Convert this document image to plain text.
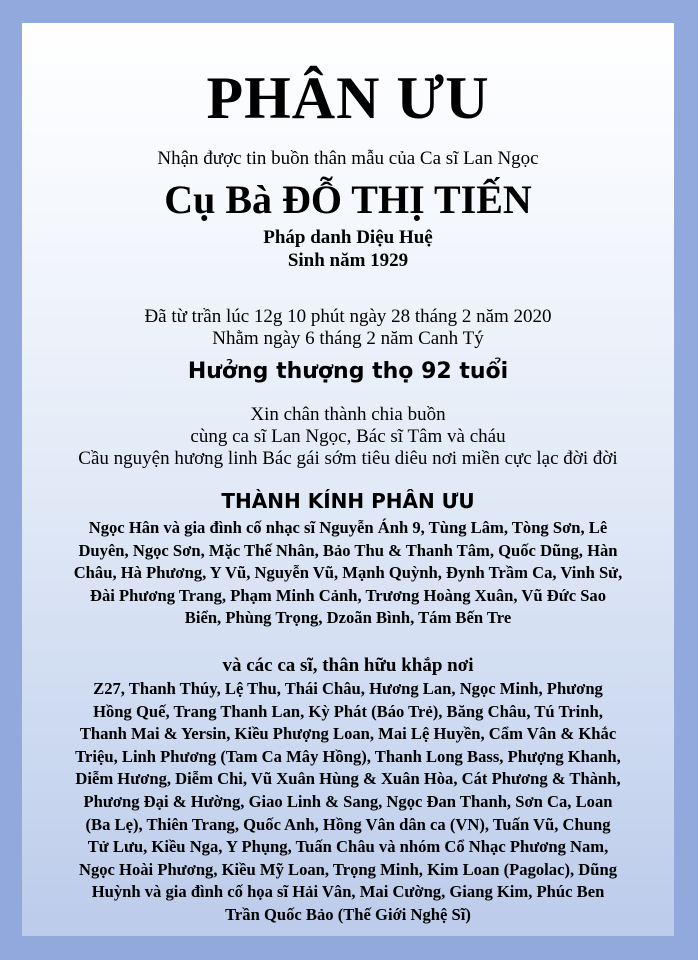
PHÂN ƯU
Nhận được tin buồn thân mẫu của Ca sĩ Lan Ngọc
Cụ Bà ĐỖ THỊ TIẾN
Pháp danh Diệu Huệ
Sinh năm 1929
Đã từ trần lúc 12g 10 phút ngày 28 tháng 2 năm 2020
Nhằm ngày 6 tháng 2 năm Canh Tý
Hưởng thượng thọ 92 tuổi
Xin chân thành chia buồn
cùng ca sĩ Lan Ngọc, Bác sĩ Tâm và cháu
Cầu nguyện hương linh Bác gái sớm tiêu diêu nơi miền cực lạc đời đời
THÀNH KÍNH PHÂN ƯU
Ngọc Hân và gia đình cố nhạc sĩ Nguyễn Ánh 9, Tùng Lâm, Tòng Sơn, Lê
Duyên, Ngọc Sơn, Mặc Thế Nhân, Bảo Thu & Thanh Tâm, Quốc Dũng, Hàn
Châu, Hà Phương, Y Vũ, Nguyễn Vũ, Mạnh Quỳnh, Đynh Trầm Ca, Vinh Sử,
Đài Phương Trang, Phạm Minh Cảnh, Trương Hoàng Xuân, Vũ Đức Sao
Biển, Phùng Trọng, Dzoãn Bình, Tám Bến Tre
và các ca sĩ, thân hữu khắp nơi
Z27, Thanh Thúy, Lệ Thu, Thái Châu, Hương Lan, Ngọc Minh, Phương
Hồng Quế, Trang Thanh Lan, Kỳ Phát (Báo Trẻ), Băng Châu, Tú Trinh,
Thanh Mai & Yersin, Kiều Phượng Loan, Mai Lệ Huyền, Cẩm Vân & Khắc
Triệu, Linh Phương (Tam Ca Mây Hồng), Thanh Long Bass, Phượng Khanh,
Diễm Hương, Diễm Chi, Vũ Xuân Hùng & Xuân Hòa, Cát Phương & Thành,
Phương Đại & Hường, Giao Linh & Sang, Ngọc Đan Thanh, Sơn Ca, Loan
(Ba Lẹ), Thiên Trang, Quốc Anh, Hồng Vân dân ca (VN), Tuấn Vũ, Chung
Tử Lưu, Kiều Nga, Y Phụng, Tuấn Châu và nhóm Cổ Nhạc Phương Nam,
Ngọc Hoài Phương, Kiều Mỹ Loan, Trọng Minh, Kim Loan (Pagolac), Dũng
Huỳnh và gia đình cố họa sĩ Hải Vân, Mai Cường, Giang Kim, Phúc Ben
Trần Quốc Bảo (Thế Giới Nghệ Sĩ)
